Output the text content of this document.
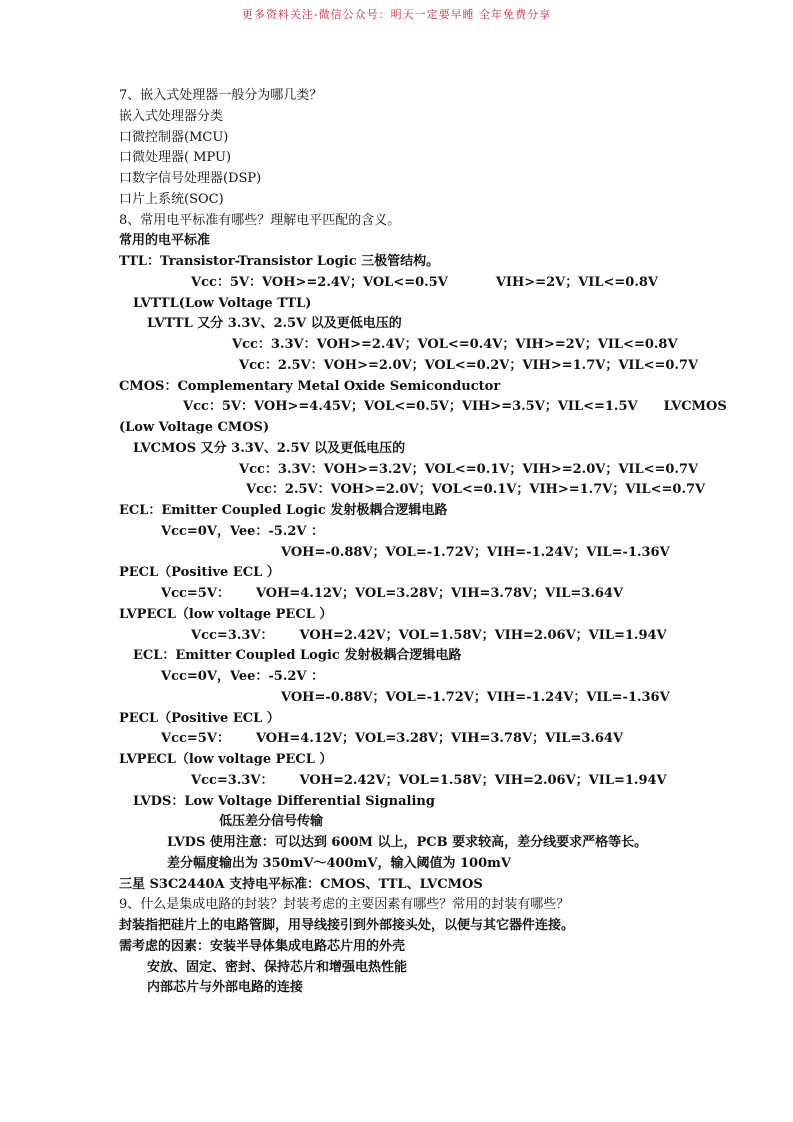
更多资料关注-微信公众号：明天一定要早睡 全年免费分享
7、嵌入式处理器一般分为哪几类？
嵌入式处理器分类
口微控制器(MCU)
口微处理器( MPU)
口数字信号处理器(DSP)
口片上系统(SOC)
8、常用电平标准有哪些？理解电平匹配的含义。
常用的电平标准
TTL：Transistor-Transistor Logic 三极管结构。
Vcc：5V：VOH>=2.4V；VOL<=0.5V	VIH>=2V；VIL<=0.8V
LVTTL(Low Voltage TTL)
LVTTL 又分 3.3V、2.5V 以及更低电压的
Vcc：3.3V：VOH>=2.4V；VOL<=0.4V；VIH>=2V；VIL<=0.8V
Vcc：2.5V：VOH>=2.0V；VOL<=0.2V；VIH>=1.7V；VIL<=0.7V
CMOS：Complementary Metal Oxide Semiconductor
Vcc：5V：VOH>=4.45V；VOL<=0.5V；VIH>=3.5V；VIL<=1.5V LVCMOS
(Low Voltage CMOS)
LVCMOS 又分 3.3V、2.5V 以及更低电压的
Vcc：3.3V：VOH>=3.2V；VOL<=0.1V；VIH>=2.0V；VIL<=0.7V
Vcc：2.5V：VOH>=2.0V；VOL<=0.1V；VIH>=1.7V；VIL<=0.7V
ECL：Emitter Coupled Logic 发射极耦合逻辑电路
Vcc=0V，Vee：-5.2V ：
VOH=-0.88V；VOL=-1.72V；VIH=-1.24V；VIL=-1.36V
PECL（Positive ECL ）
Vcc=5V： VOH=4.12V；VOL=3.28V；VIH=3.78V；VIL=3.64V
LVPECL（low voltage PECL ）
Vcc=3.3V： VOH=2.42V；VOL=1.58V；VIH=2.06V；VIL=1.94V
ECL：Emitter Coupled Logic 发射极耦合逻辑电路
Vcc=0V，Vee：-5.2V ：
VOH=-0.88V；VOL=-1.72V；VIH=-1.24V；VIL=-1.36V
PECL（Positive ECL ）
Vcc=5V： VOH=4.12V；VOL=3.28V；VIH=3.78V；VIL=3.64V
LVPECL（low voltage PECL ）
Vcc=3.3V： VOH=2.42V；VOL=1.58V；VIH=2.06V；VIL=1.94V
LVDS：Low Voltage Differential Signaling
低压差分信号传输
LVDS 使用注意：可以达到 600M 以上，PCB 要求较高，差分线要求严格等长。
差分幅度输出为 350mV～400mV，输入阈值为 100mV
三星 S3C2440A 支持电平标准：CMOS、TTL、LVCMOS
9、什么是集成电路的封装？封装考虑的主要因素有哪些？常用的封装有哪些？
封装指把硅片上的电路管脚，用导线接引到外部接头处，以便与其它器件连接。
需考虑的因素：安装半导体集成电路芯片用的外壳
安放、固定、密封、保持芯片和增强电热性能
内部芯片与外部电路的连接
